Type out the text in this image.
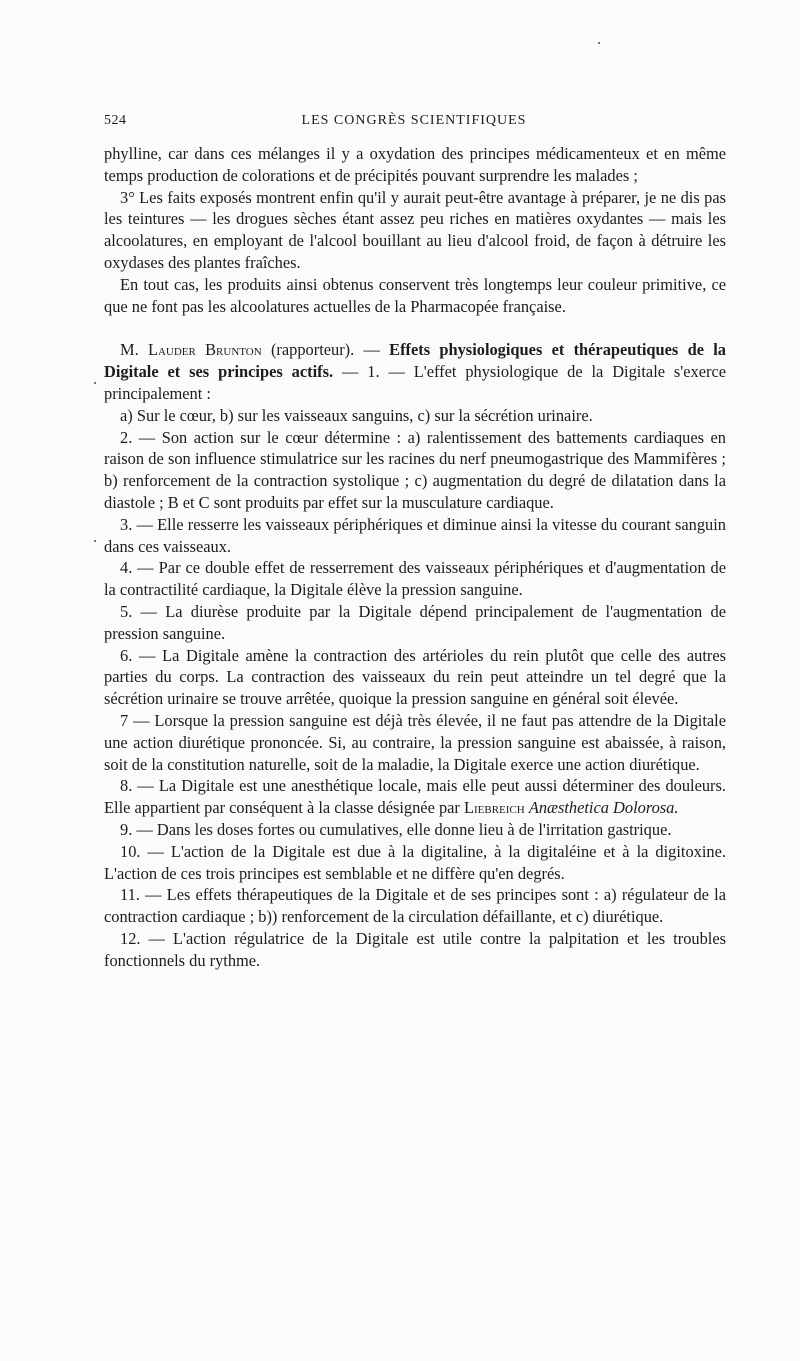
524	LES CONGRÈS SCIENTIFIQUES

phylline, car dans ces mélanges il y a oxydation des principes médicamenteux et en même temps production de colorations et de précipités pouvant surprendre les malades ;

3° Les faits exposés montrent enfin qu'il y aurait peut-être avantage à préparer, je ne dis pas les teintures — les drogues sèches étant assez peu riches en matières oxydantes — mais les alcoolatures, en employant de l'alcool bouillant au lieu d'alcool froid, de façon à détruire les oxydases des plantes fraîches.

En tout cas, les produits ainsi obtenus conservent très longtemps leur couleur primitive, ce que ne font pas les alcoolatures actuelles de la Pharmacopée française.

M. Lauder Brunton (rapporteur). — Effets physiologiques et thérapeutiques de la Digitale et ses principes actifs. — 1. — L'effet physiologique de la Digitale s'exerce principalement :

a) Sur le cœur, b) sur les vaisseaux sanguins, c) sur la sécrétion urinaire.

2. — Son action sur le cœur détermine : a) ralentissement des battements cardiaques en raison de son influence stimulatrice sur les racines du nerf pneumogastrique des Mammifères ; b) renforcement de la contraction systolique ; c) augmentation du degré de dilatation dans la diastole ; B et C sont produits par effet sur la musculature cardiaque.

3. — Elle resserre les vaisseaux périphériques et diminue ainsi la vitesse du courant sanguin dans ces vaisseaux.

4. — Par ce double effet de resserrement des vaisseaux périphériques et d'augmentation de la contractilité cardiaque, la Digitale élève la pression sanguine.

5. — La diurèse produite par la Digitale dépend principalement de l'augmentation de pression sanguine.

6. — La Digitale amène la contraction des artérioles du rein plutôt que celle des autres parties du corps. La contraction des vaisseaux du rein peut atteindre un tel degré que la sécrétion urinaire se trouve arrêtée, quoique la pression sanguine en général soit élevée.

7 — Lorsque la pression sanguine est déjà très élevée, il ne faut pas attendre de la Digitale une action diurétique prononcée. Si, au contraire, la pression sanguine est abaissée, à raison, soit de la constitution naturelle, soit de la maladie, la Digitale exerce une action diurétique.

8. — La Digitale est une anesthétique locale, mais elle peut aussi déterminer des douleurs. Elle appartient par conséquent à la classe désignée par Liebreich Anæsthetica Dolorosa.

9. — Dans les doses fortes ou cumulatives, elle donne lieu à de l'irritation gastrique.

10. — L'action de la Digitale est due à la digitaline, à la digitaléine et à la digitoxine. L'action de ces trois principes est semblable et ne diffère qu'en degrés.

11. — Les effets thérapeutiques de la Digitale et de ses principes sont : a) régulateur de la contraction cardiaque ; b)) renforcement de la circulation défaillante, et c) diurétique.

12. — L'action régulatrice de la Digitale est utile contre la palpitation et les troubles fonctionnels du rythme.
